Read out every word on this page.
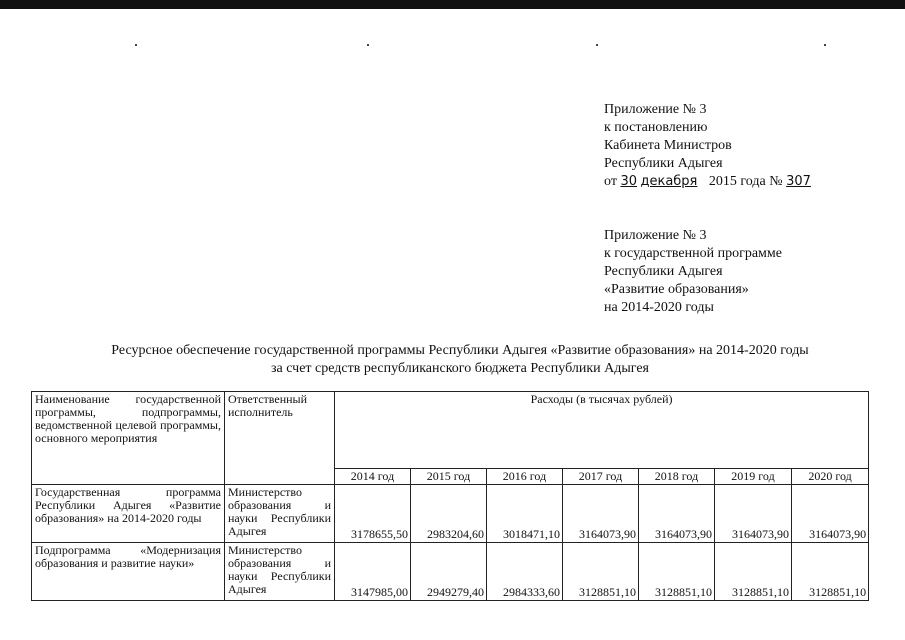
Приложение № 3
к постановлению
Кабинета Министров
Республики Адыгея
от 30 декабря 2015 года № 307
Приложение № 3
к государственной программе
Республики Адыгея
«Развитие образования»
на 2014-2020 годы
Ресурсное обеспечение государственной программы Республики Адыгея «Развитие образования» на 2014-2020 годы
за счет средств республиканского бюджета Республики Адыгея
Наименование государственной программы, подпрограммы, ведомственной целевой программы, основного мероприятия	Ответственный исполнитель	Расходы (в тысячах рублей)						
		2014 год	2015 год	2016 год	2017 год	2018 год	2019 год	2020 год
Государственная программа Республики Адыгея «Развитие образования» на 2014-2020 годы	Министерство образования и науки Республики Адыгея	3178655,50	2983204,60	3018471,10	3164073,90	3164073,90	3164073,90	3164073,90
Подпрограмма «Модернизация образования и развитие науки»	Министерство образования и науки Республики Адыгея	3147985,00	2949279,40	2984333,60	3128851,10	3128851,10	3128851,10	3128851,10
